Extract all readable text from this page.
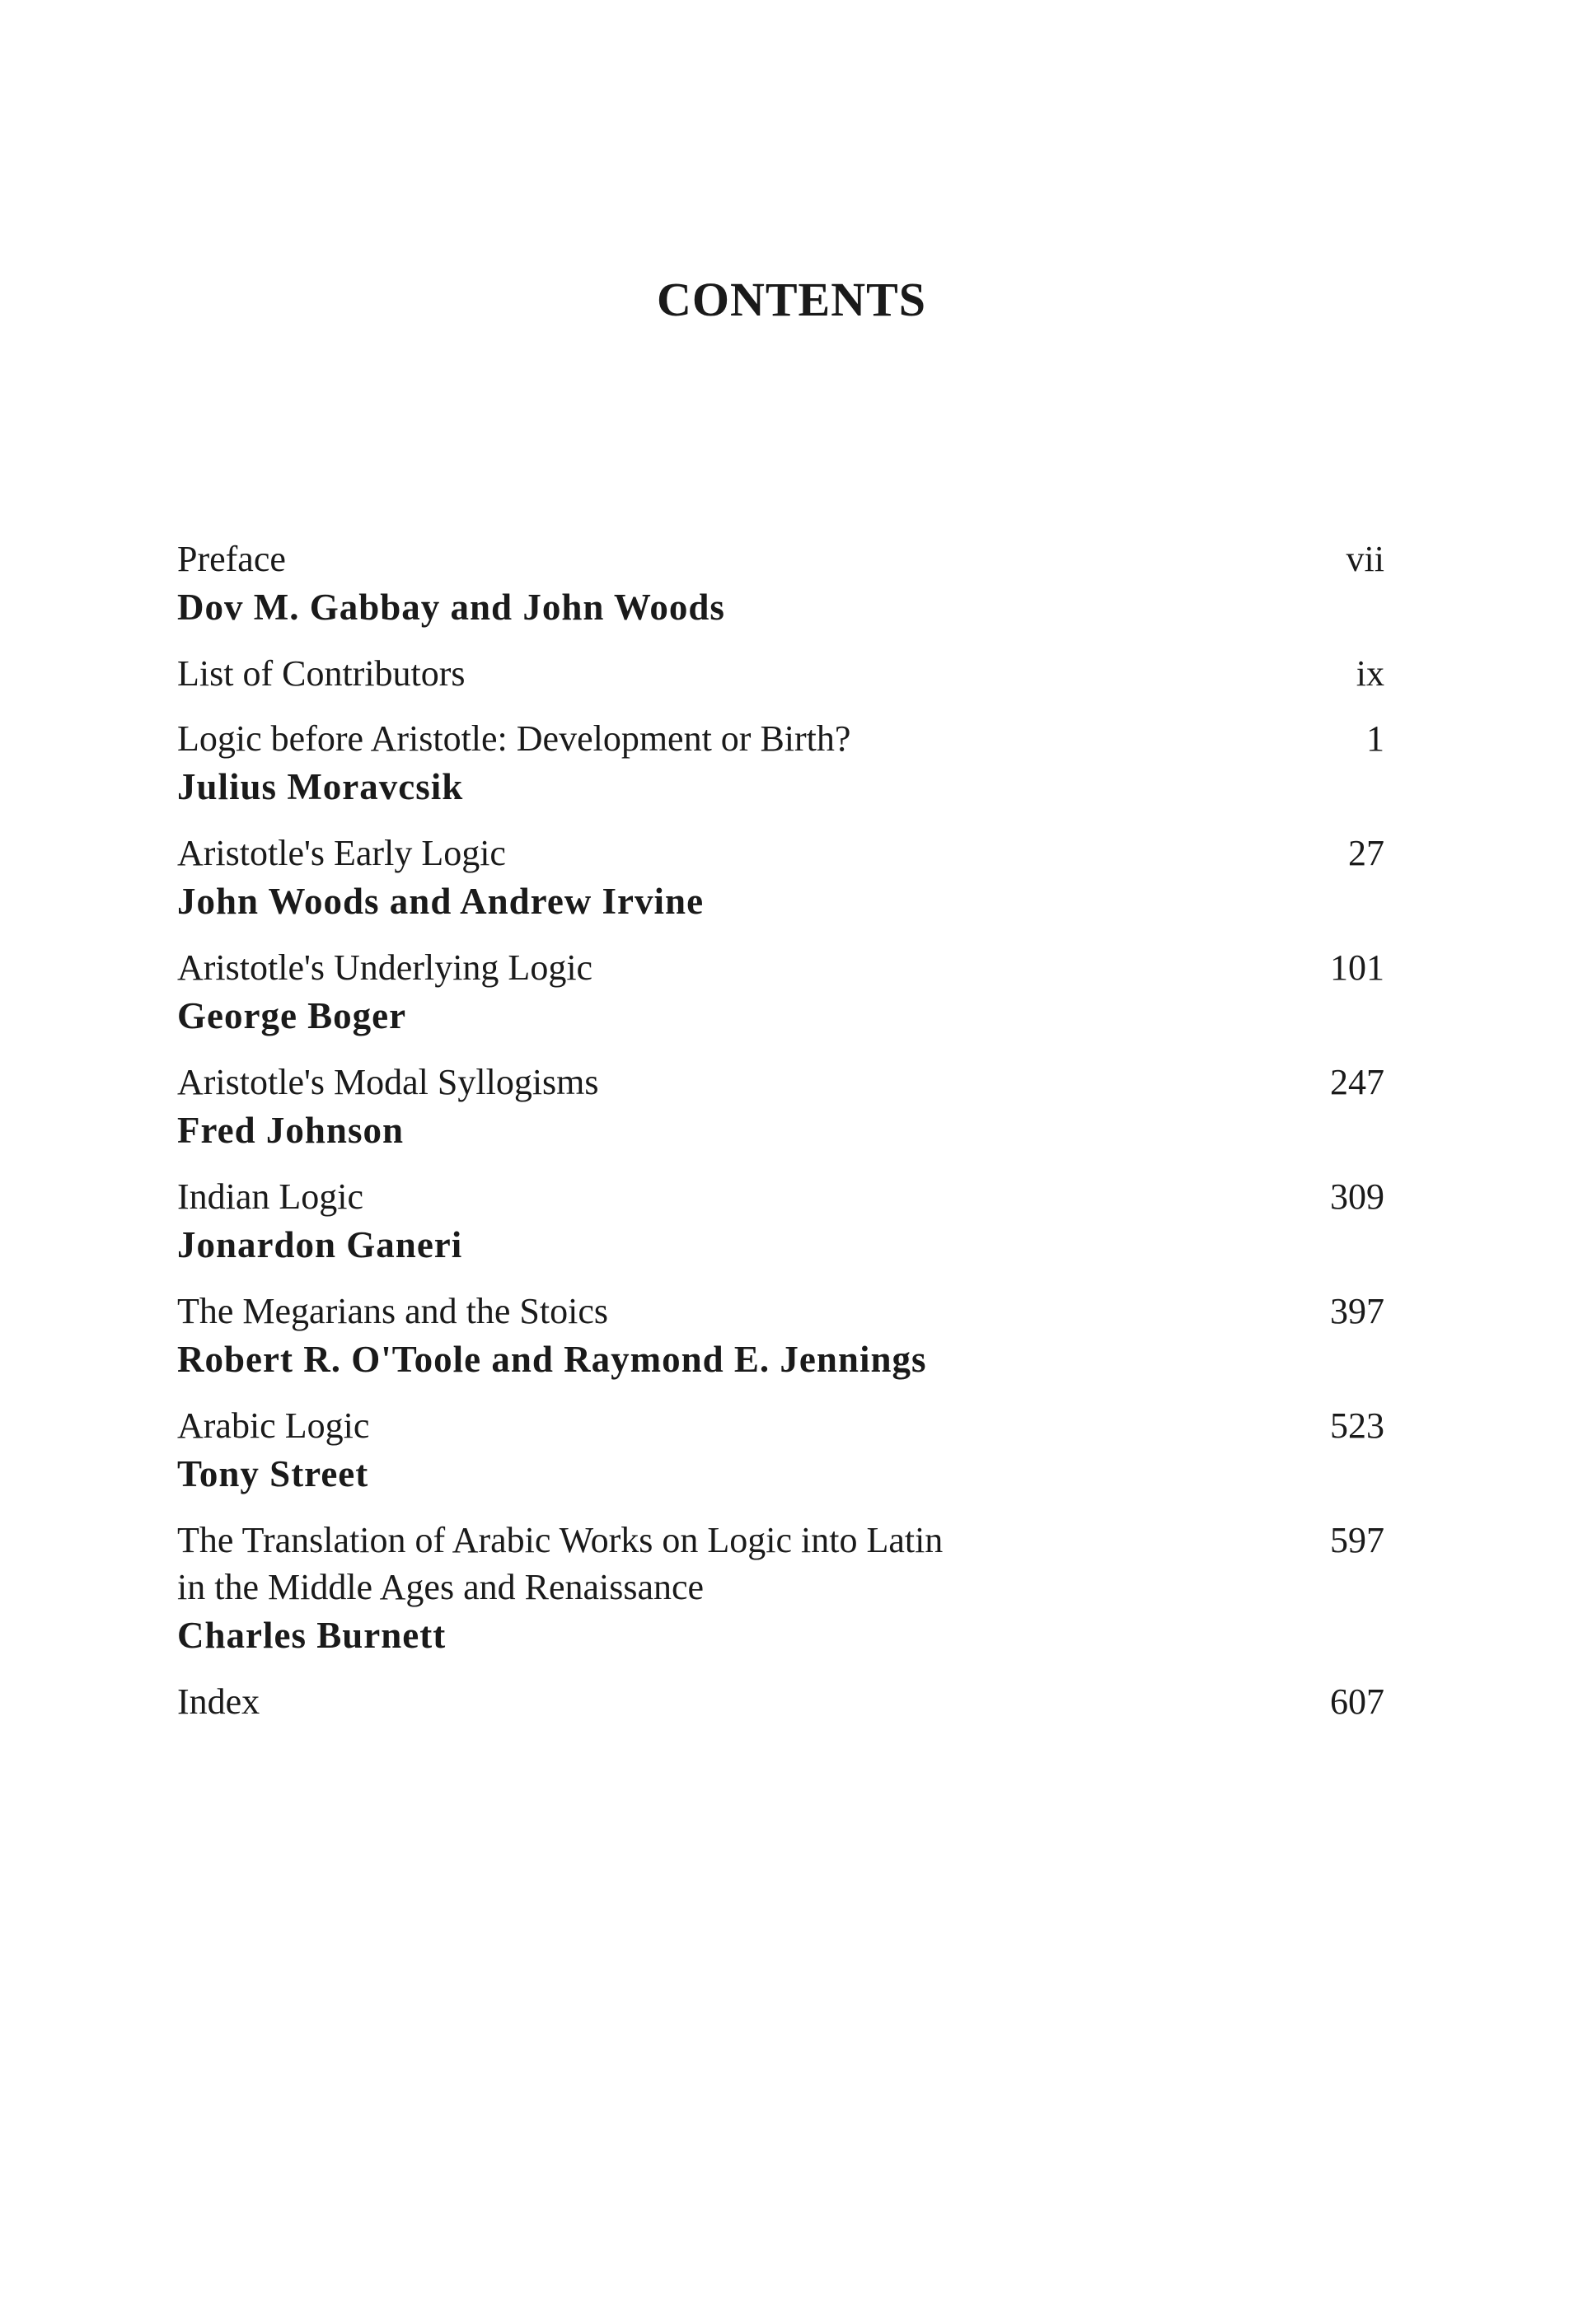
CONTENTS
Preface
Dov M. Gabbay and John Woods
vii
List of Contributors	ix
Logic before Aristotle: Development or Birth?
Julius Moravcsik
1
Aristotle's Early Logic
John Woods and Andrew Irvine
27
Aristotle's Underlying Logic
George Boger
101
Aristotle's Modal Syllogisms
Fred Johnson
247
Indian Logic
Jonardon Ganeri
309
The Megarians and the Stoics
Robert R. O'Toole and Raymond E. Jennings
397
Arabic Logic
Tony Street
523
The Translation of Arabic Works on Logic into Latin
in the Middle Ages and Renaissance
Charles Burnett
597
Index	607
